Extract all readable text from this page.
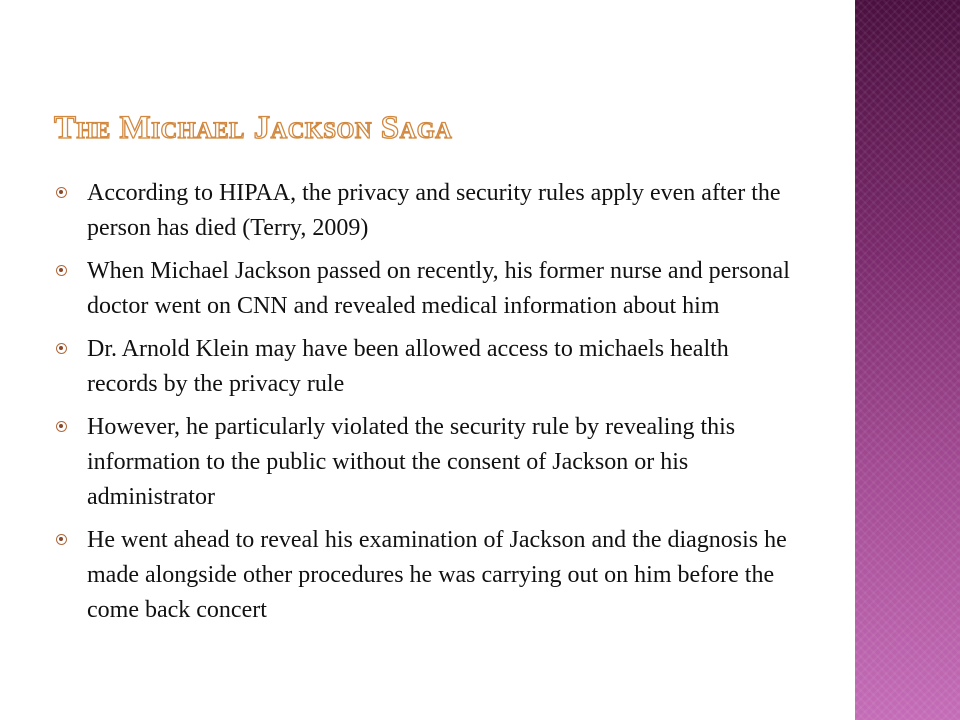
The Michael Jackson Saga
According to HIPAA, the privacy and security rules apply even after the person has died (Terry, 2009)
When Michael Jackson passed on recently, his former nurse and personal doctor went on CNN and revealed medical information about him
Dr. Arnold Klein may have been allowed access to michaels health records by the privacy rule
However, he particularly violated the security rule by revealing this information to the public without the consent of Jackson or his administrator
He went ahead to reveal his examination of Jackson and the diagnosis he made alongside other procedures he was carrying out on him before the come back concert
